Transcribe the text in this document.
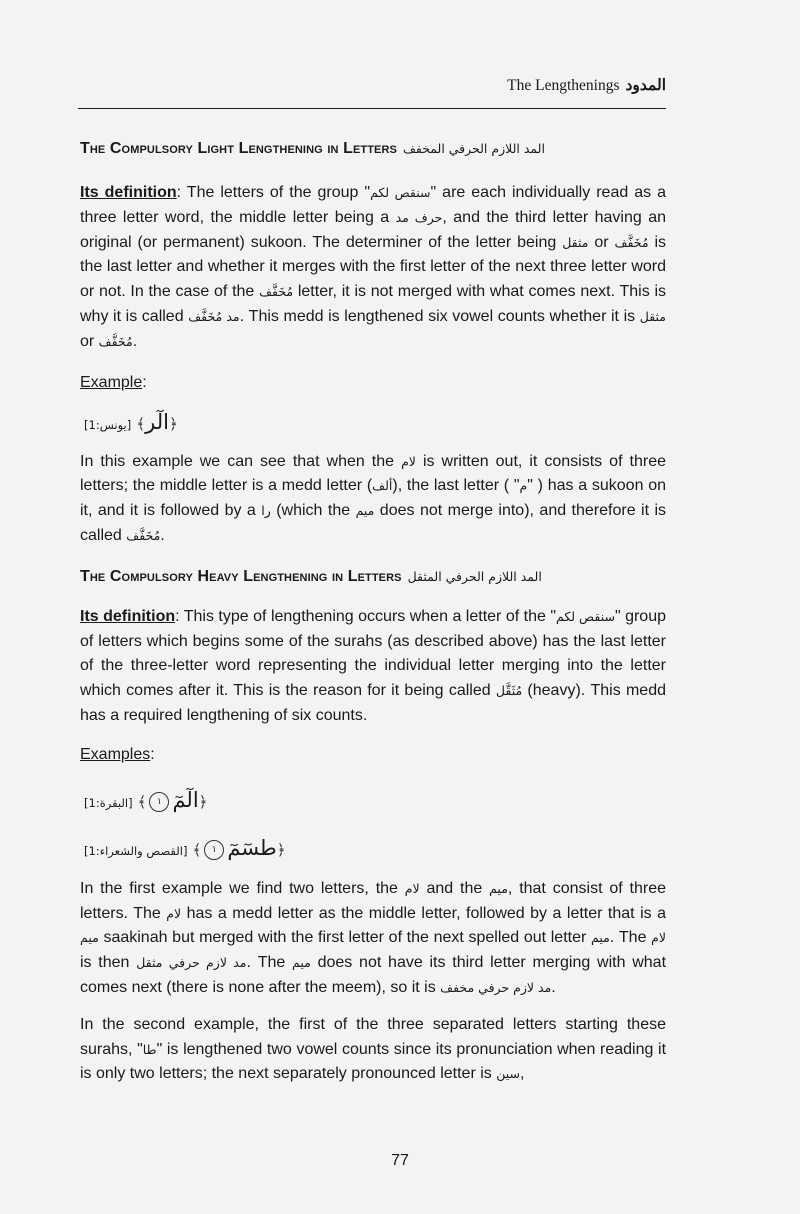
The Lengthenings المدود
The Compulsory Light Lengthening in Letters المد اللازم الحرفي المخفف

Its definition: The letters of the group "سنقص لكم" are each individually read as a three letter word, the middle letter being a حرف مد, and the third letter having an original (or permanent) sukoon. The determiner of the letter being مثقل or مُخَفَّف is the last letter and whether it merges with the first letter of the next three letter word or not. In the case of the مُخَفَّف letter, it is not merged with what comes next. This is why it is called مد مُخَفَّف. This medd is lengthened six vowel counts whether it is مثقل or مُخَفَّف.

Example:
[يونس:1] ﴾الٓر﴿

In this example we can see that when the لام is written out, it consists of three letters; the middle letter is a medd letter (ألف), the last letter ( "م" ) has a sukoon on it, and it is followed by a را (which the ميم does not merge into), and therefore it is called مُخَفَّف.

The Compulsory Heavy Lengthening in Letters المد اللازم الحرفي المثقل

Its definition: This type of lengthening occurs when a letter of the "سنقص لكم" group of letters which begins some of the surahs (as described above) has the last letter of the three-letter word representing the individual letter merging into the letter which comes after it. This is the reason for it being called مُثَقَّل (heavy). This medd has a required lengthening of six counts.

Examples:
[البقرة:1] ﴾ ١ الٓمٓ﴿
[القصص والشعراء:1] ﴾ ١ طسٓمٓ﴿

In the first example we find two letters, the لام and the ميم, that consist of three letters. The لام has a medd letter as the middle letter, followed by a letter that is a ميم saakinah but merged with the first letter of the next spelled out letter ميم. The لام is then مد لازم حرفي مثقل. The ميم does not have its third letter merging with what comes next (there is none after the meem), so it is مد لازم حرفي مخفف.

In the second example, the first of the three separated letters starting these surahs, "طا" is lengthened two vowel counts since its pronunciation when reading it is only two letters; the next separately pronounced letter is سين,

77
